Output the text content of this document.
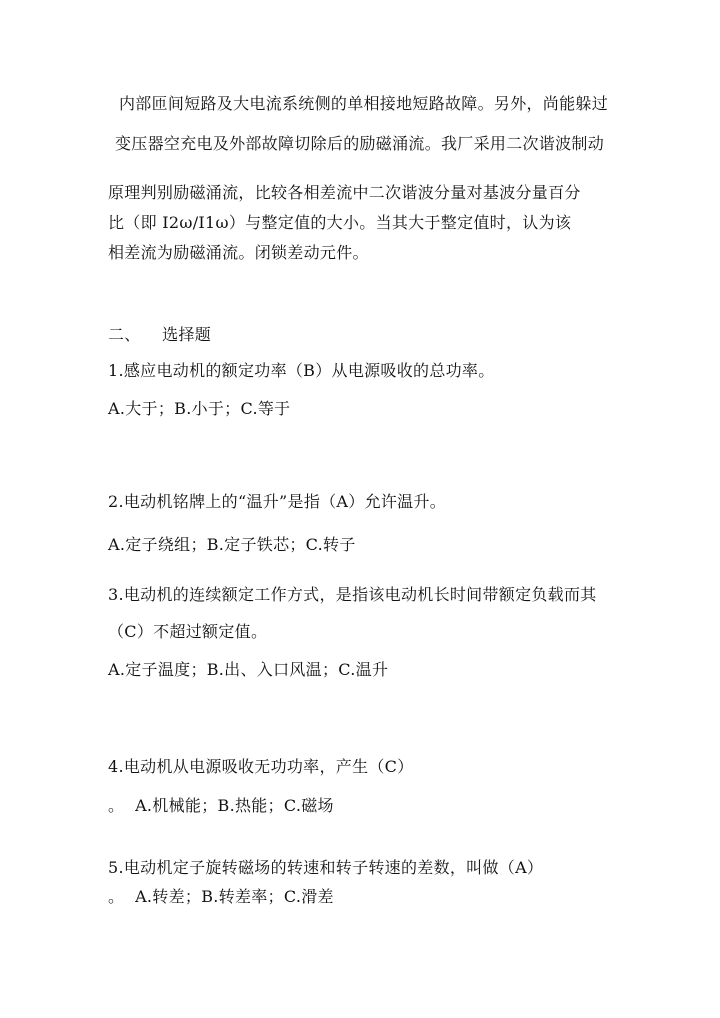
内部匝间短路及大电流系统侧的单相接地短路故障。另外，尚能躲过
变压器空充电及外部故障切除后的励磁涌流。我厂采用二次谐波制动
原理判别励磁涌流，比较各相差流中二次谐波分量对基波分量百分
比（即 I2ω/I1ω）与整定值的大小。当其大于整定值时，认为该
相差流为励磁涌流。闭锁差动元件。
二、    选择题
1.感应电动机的额定功率（B）从电源吸收的总功率。
A.大于；B.小于；C.等于
2.电动机铭牌上的“温升”是指（A）允许温升。
A.定子绕组；B.定子铁芯；C.转子
3.电动机的连续额定工作方式，是指该电动机长时间带额定负载而其
（C）不超过额定值。
A.定子温度；B.出、入口风温；C.温升
4.电动机从电源吸收无功功率，产生（C）
。  A.机械能；B.热能；C.磁场
5.电动机定子旋转磁场的转速和转子转速的差数，叫做（A）
。  A.转差；B.转差率；C.滑差
